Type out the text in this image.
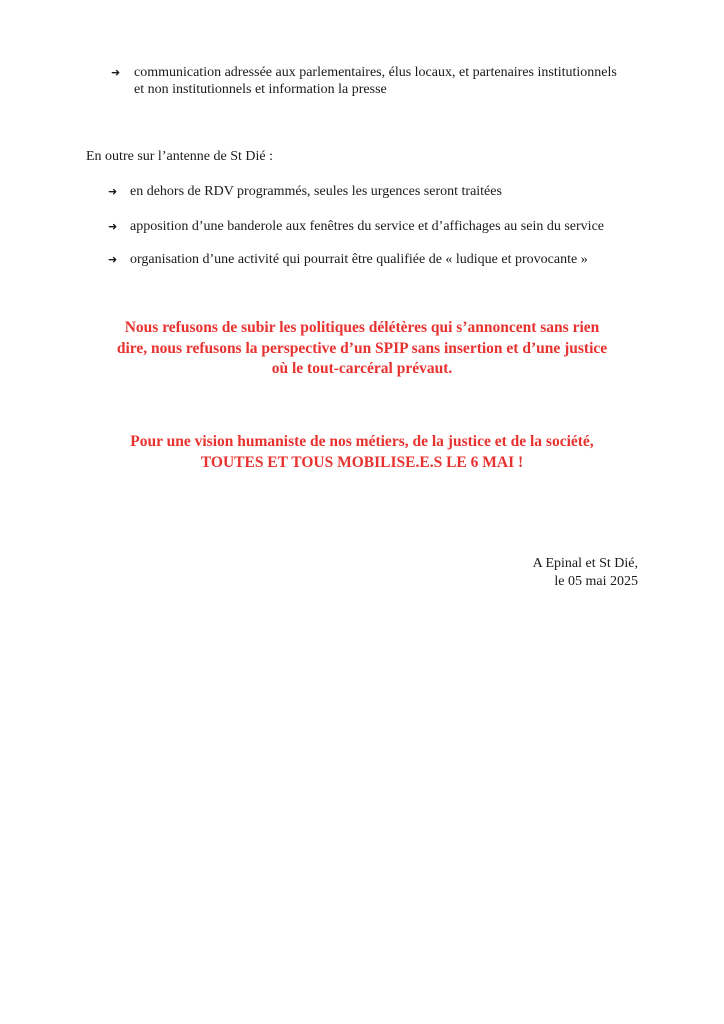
➜ communication adressée aux parlementaires, élus locaux, et partenaires institutionnels
et non institutionnels et information la presse
En outre sur l’antenne de St Dié :
➜ en dehors de RDV programmés, seules les urgences seront traitées
➜ apposition d’une banderole aux fenêtres du service et d’affichages au sein du service
➜ organisation d’une activité qui pourrait être qualifiée de « ludique et provocante »
Nous refusons de subir les politiques délétères qui s’annoncent sans rien
dire, nous refusons la perspective d’un SPIP sans insertion et d’une justice
où le tout-carcéral prévaut.
Pour une vision humaniste de nos métiers, de la justice et de la société,
TOUTES ET TOUS MOBILISE.E.S LE 6 MAI !
A Epinal et St Dié,
le 05 mai 2025
